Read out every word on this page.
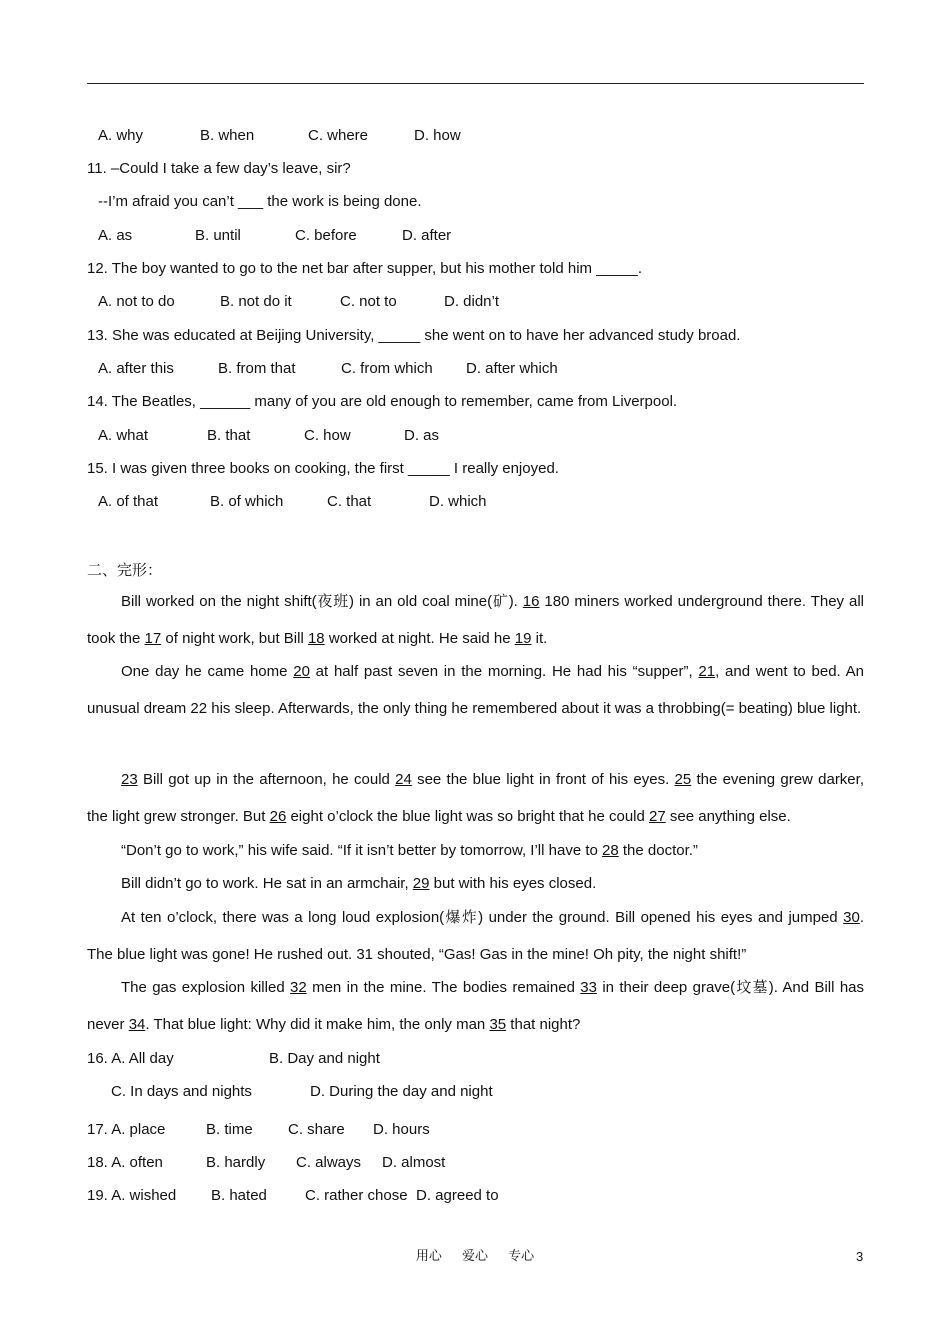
A. why	B. when	C. where	D. how
11. –Could I take a few day’s leave, sir?
--I’m afraid you can’t ___ the work is being done.
A. as	B. until	C. before	D. after
12. The boy wanted to go to the net bar after supper, but his mother told him _____.
A. not to do	B. not do it	C. not to	D. didn’t
13. She was educated at Beijing University, _____ she went on to have her advanced study broad.
A. after this	B. from that	C. from which D. after which
14. The Beatles, ______ many of you are old enough to remember, came from Liverpool.
A. what	B. that	C. how	D. as
15. I was given three books on cooking, the first _____ I really enjoyed.
A. of that	B. of which	C. that	D. which
二、完形：
Bill worked on the night shift(夜班) in an old coal mine(矿). 16 180 miners worked underground there. They all took the 17 of night work, but Bill 18 worked at night. He said he 19 it.
One day he came home 20 at half past seven in the morning. He had his “supper”, 21, and went to bed. An unusual dream 22 his sleep. Afterwards, the only thing he remembered about it was a throbbing(= beating) blue light.
23 Bill got up in the afternoon, he could 24 see the blue light in front of his eyes. 25 the evening grew darker, the light grew stronger. But 26 eight o’clock the blue light was so bright that he could 27 see anything else.
“Don’t go to work,” his wife said. “If it isn’t better by tomorrow, I’ll have to 28 the doctor.”
Bill didn’t go to work. He sat in an armchair, 29 but with his eyes closed.
At ten o’clock, there was a long loud explosion(爆炸) under the ground. Bill opened his eyes and jumped 30. The blue light was gone! He rushed out. 31 shouted, “Gas! Gas in the mine! Oh pity, the night shift!”
The gas explosion killed 32 men in the mine. The bodies remained 33 in their deep grave(坟墓). And Bill has never 34. That blue light: Why did it make him, the only man 35 that night?
16. A. All day	B. Day and night
C. In days and nights	D. During the day and night
17. A. place	B. time C. share D. hours
18. A. often	B. hardly C. always D. almost
19. A. wished B. hated	C. rather chose D. agreed to
用心 爱心 专心	3
